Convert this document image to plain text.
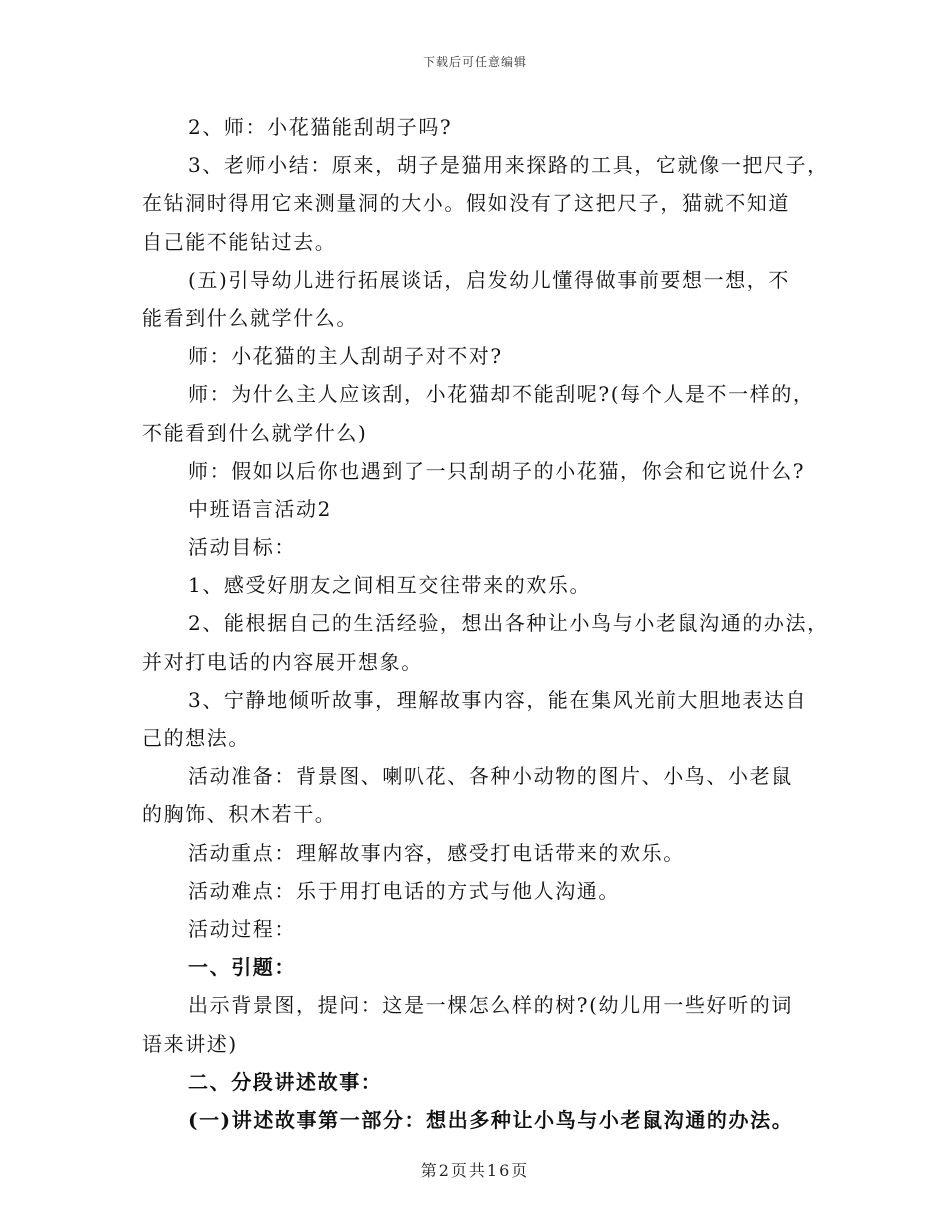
下载后可任意编辑
2、师：小花猫能刮胡子吗?
3、老师小结：原来，胡子是猫用来探路的工具，它就像一把尺子，
在钻洞时得用它来测量洞的大小。假如没有了这把尺子，猫就不知道
自己能不能钻过去。
(五)引导幼儿进行拓展谈话，启发幼儿懂得做事前要想一想，不
能看到什么就学什么。
师：小花猫的主人刮胡子对不对?
师：为什么主人应该刮，小花猫却不能刮呢?(每个人是不一样的，
不能看到什么就学什么)
师：假如以后你也遇到了一只刮胡子的小花猫，你会和它说什么?
中班语言活动2
活动目标：
1、感受好朋友之间相互交往带来的欢乐。
2、能根据自己的生活经验，想出各种让小鸟与小老鼠沟通的办法，
并对打电话的内容展开想象。
3、宁静地倾听故事，理解故事内容，能在集风光前大胆地表达自
己的想法。
活动准备：背景图、喇叭花、各种小动物的图片、小鸟、小老鼠
的胸饰、积木若干。
活动重点：理解故事内容，感受打电话带来的欢乐。
活动难点：乐于用打电话的方式与他人沟通。
活动过程：
一、引题：
出示背景图，提问：这是一棵怎么样的树?(幼儿用一些好听的词
语来讲述)
二、分段讲述故事：
(一)讲述故事第一部分：想出多种让小鸟与小老鼠沟通的办法。
第2页共16页
